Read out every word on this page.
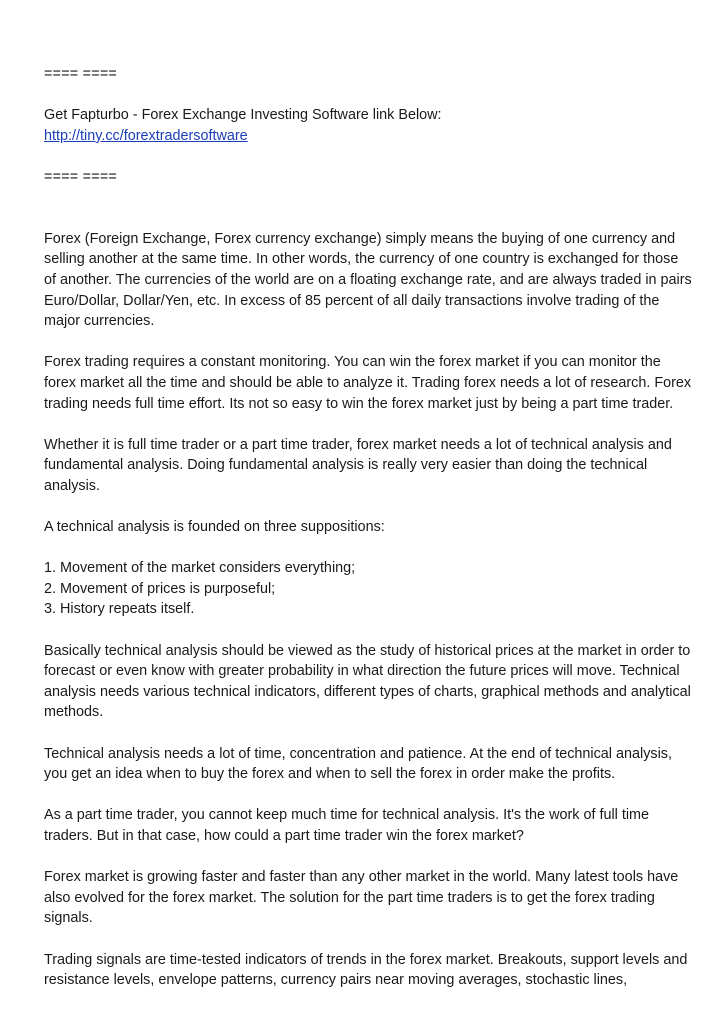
==== ====
Get Fapturbo - Forex Exchange Investing Software link Below:
http://tiny.cc/forextradersoftware
==== ====

Forex (Foreign Exchange, Forex currency exchange) simply means the buying of one currency and selling another at the same time. In other words, the currency of one country is exchanged for those of another. The currencies of the world are on a floating exchange rate, and are always traded in pairs Euro/Dollar, Dollar/Yen, etc. In excess of 85 percent of all daily transactions involve trading of the major currencies.

Forex trading requires a constant monitoring. You can win the forex market if you can monitor the forex market all the time and should be able to analyze it. Trading forex needs a lot of research. Forex trading needs full time effort. Its not so easy to win the forex market just by being a part time trader.

Whether it is full time trader or a part time trader, forex market needs a lot of technical analysis and fundamental analysis. Doing fundamental analysis is really very easier than doing the technical analysis.

A technical analysis is founded on three suppositions:

1. Movement of the market considers everything;
2. Movement of prices is purposeful;
3. History repeats itself.

Basically technical analysis should be viewed as the study of historical prices at the market in order to forecast or even know with greater probability in what direction the future prices will move. Technical analysis needs various technical indicators, different types of charts, graphical methods and analytical methods.

Technical analysis needs a lot of time, concentration and patience. At the end of technical analysis, you get an idea when to buy the forex and when to sell the forex in order make the profits.

As a part time trader, you cannot keep much time for technical analysis. It's the work of full time traders. But in that case, how could a part time trader win the forex market?

Forex market is growing faster and faster than any other market in the world. Many latest tools have also evolved for the forex market. The solution for the part time traders is to get the forex trading signals.

Trading signals are time-tested indicators of trends in the forex market. Breakouts, support levels and resistance levels, envelope patterns, currency pairs near moving averages, stochastic lines,
